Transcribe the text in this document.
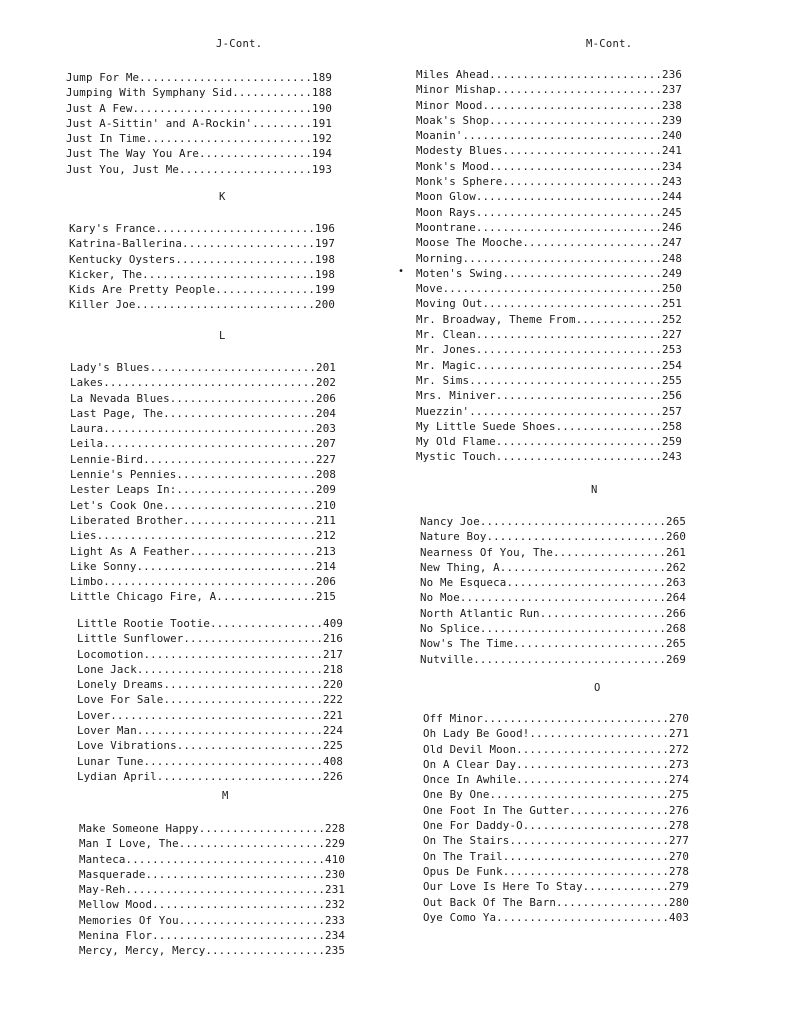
J-Cont.
Jump For Me..........................189
Jumping With Symphany Sid............188
Just A Few...........................190
Just A-Sittin' and A-Rockin'.........191
Just In Time.........................192
Just The Way You Are.................194
Just You, Just Me....................193
K
Kary's France........................196
Katrina-Ballerina....................197
Kentucky Oysters.....................198
Kicker, The..........................198
Kids Are Pretty People...............199
Killer Joe...........................200
L
Lady's Blues.........................201
Lakes................................202
La Nevada Blues......................206
Last Page, The.......................204
Laura................................203
Leila................................207
Lennie-Bird..........................227
Lennie's Pennies.....................208
Lester Leaps In:.....................209
Let's Cook One.......................210
Liberated Brother....................211
Lies.................................212
Light As A Feather...................213
Like Sonny...........................214
Limbo................................206
Little Chicago Fire, A...............215
Little Rootie Tootie.................409
Little Sunflower.....................216
Locomotion...........................217
Lone Jack............................218
Lonely Dreams........................220
Love For Sale........................222
Lover................................221
Lover Man............................224
Love Vibrations......................225
Lunar Tune...........................408
Lydian April.........................226
M
Make Someone Happy...................228
Man I Love, The......................229
Manteca..............................410
Masquerade...........................230
May-Reh..............................231
Mellow Mood..........................232
Memories Of You......................233
Menina Flor..........................234
Mercy, Mercy, Mercy..................235
•
M-Cont.
Miles Ahead..........................236
Minor Mishap.........................237
Minor Mood...........................238
Moak's Shop..........................239
Moanin'..............................240
Modesty Blues........................241
Monk's Mood..........................234
Monk's Sphere........................243
Moon Glow............................244
Moon Rays............................245
Moontrane............................246
Moose The Mooche.....................247
Morning..............................248
Moten's Swing........................249
Move.................................250
Moving Out...........................251
Mr. Broadway, Theme From.............252
Mr. Clean............................227
Mr. Jones............................253
Mr. Magic............................254
Mr. Sims.............................255
Mrs. Miniver.........................256
Muezzin'.............................257
My Little Suede Shoes................258
My Old Flame.........................259
Mystic Touch.........................243
N
Nancy Joe............................265
Nature Boy...........................260
Nearness Of You, The.................261
New Thing, A.........................262
No Me Esqueca........................263
No Moe...............................264
North Atlantic Run...................266
No Splice............................268
Now's The Time.......................265
Nutville.............................269
O
Off Minor............................270
Oh Lady Be Good!.....................271
Old Devil Moon.......................272
On A Clear Day.......................273
Once In Awhile.......................274
One By One...........................275
One Foot In The Gutter...............276
One For Daddy-O......................278
On The Stairs........................277
On The Trail.........................270
Opus De Funk.........................278
Our Love Is Here To Stay.............279
Out Back Of The Barn.................280
Oye Como Ya..........................403
